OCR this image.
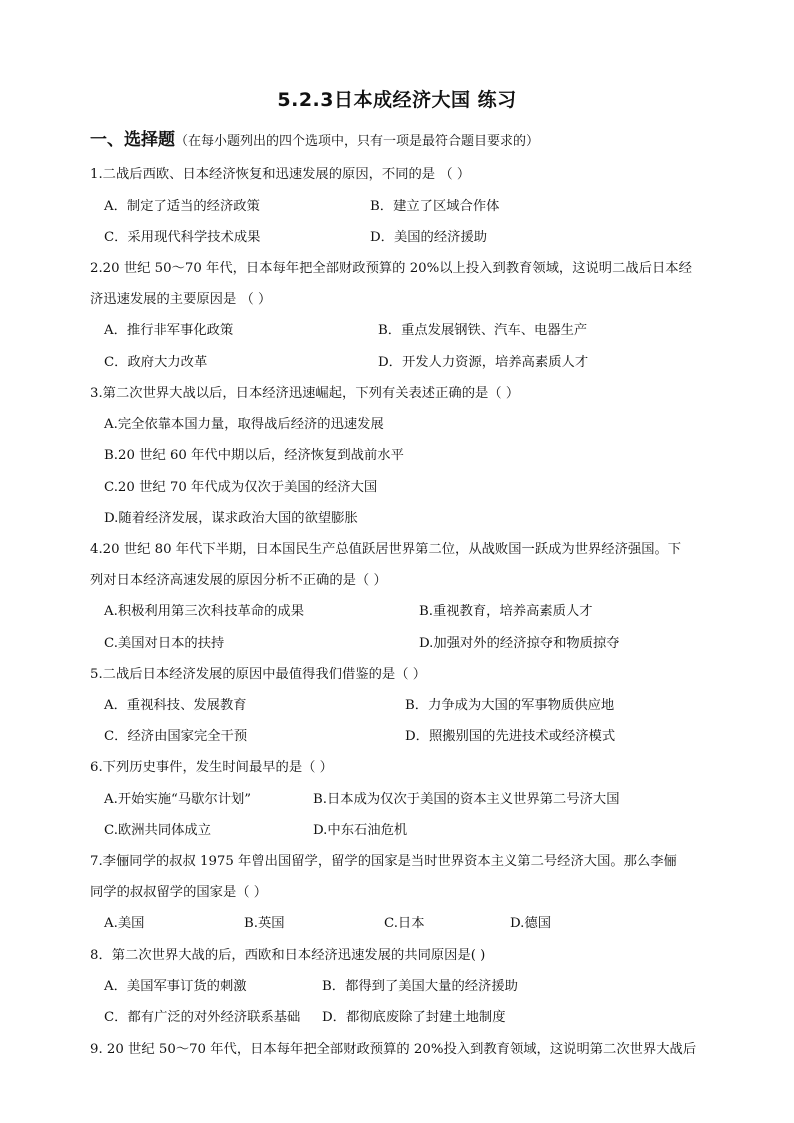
5.2.3日本成经济大国 练习
一、选择题（在每小题列出的四个选项中，只有一项是最符合题目要求的）
1.二战后西欧、日本经济恢复和迅速发展的原因，不同的是 （ ）
A．制定了适当的经济政策	B．建立了区域合作体
C．采用现代科学技术成果	D．美国的经济援助
2.20 世纪 50～70 年代，日本每年把全部财政预算的 20%以上投入到教育领域，这说明二战后日本经
济迅速发展的主要原因是 （ ）
A．推行非军事化政策	B．重点发展钢铁、汽车、电器生产
C．政府大力改革	D．开发人力资源，培养高素质人才
3.第二次世界大战以后，日本经济迅速崛起，下列有关表述正确的是（ ）
A.完全依靠本国力量，取得战后经济的迅速发展
B.20 世纪 60 年代中期以后，经济恢复到战前水平
C.20 世纪 70 年代成为仅次于美国的经济大国
D.随着经济发展，谋求政治大国的欲望膨胀
4.20 世纪 80 年代下半期，日本国民生产总值跃居世界第二位，从战败国一跃成为世界经济强国。下
列对日本经济高速发展的原因分析不正确的是（ ）
A.积极利用第三次科技革命的成果	B.重视教育，培养高素质人才
C.美国对日本的扶持	D.加强对外的经济掠夺和物质掠夺
5.二战后日本经济发展的原因中最值得我们借鉴的是（ ）
A．重视科技、发展教育	B．力争成为大国的军事物质供应地
C．经济由国家完全干预	D．照搬别国的先进技术或经济模式
6.下列历史事件，发生时间最早的是（ ）
A.开始实施“马歇尔计划”	B.日本成为仅次于美国的资本主义世界第二号济大国
C.欧洲共同体成立	D.中东石油危机
7.李俪同学的叔叔 1975 年曾出国留学，留学的国家是当时世界资本主义第二号经济大国。那么李俪
同学的叔叔留学的国家是（ ）
A.美国	B.英国	C.日本	D.德国
8．第二次世界大战的后，西欧和日本经济迅速发展的共同原因是( )
A．美国军事订货的刺激	B．都得到了美国大量的经济援助
C．都有广泛的对外经济联系基础 D．都彻底废除了封建土地制度
9. 20 世纪 50～70 年代，日本每年把全部财政预算的 20%投入到教育领域，这说明第二次世界大战后
